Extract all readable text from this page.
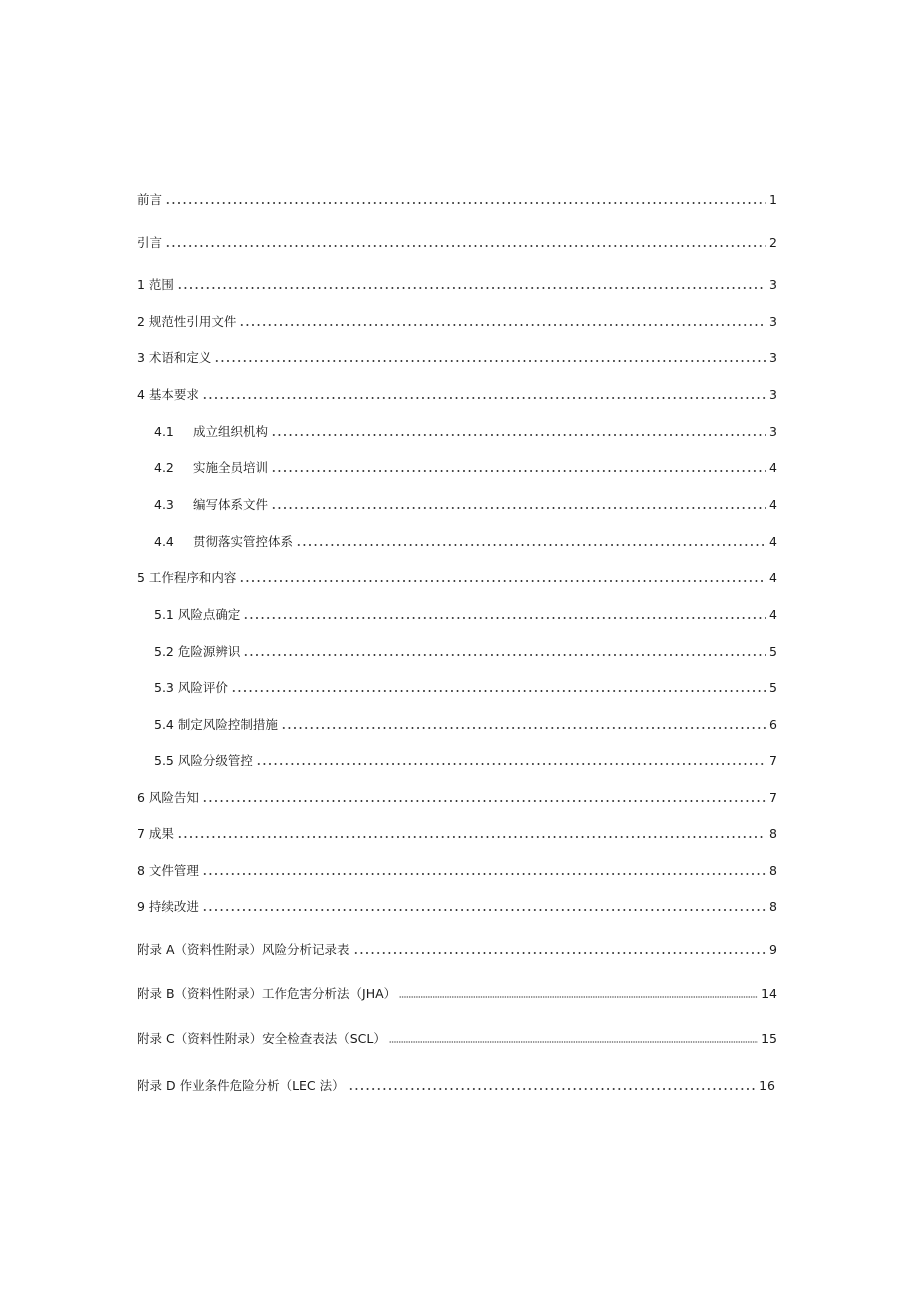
前言	1
引言	2
1 范围	3
2 规范性引用文件	3
3 术语和定义	3
4 基本要求	3
4.1	成立组织机构	3
4.2	实施全员培训	4
4.3	编写体系文件	4
4.4	贯彻落实管控体系	4
5 工作程序和内容	4
5.1 风险点确定	4
5.2 危险源辨识	5
5.3 风险评价	5
5.4 制定风险控制措施	6
5.5 风险分级管控	7
6 风险告知	7
7 成果	8
8 文件管理	8
9 持续改进	8
附录 A（资料性附录）风险分析记录表	9
附录 B（资料性附录）工作危害分析法（JHA）	14
附录 C（资料性附录）安全检查表法（SCL）	15
附录 D 作业条件危险分析（LEC 法）	16
